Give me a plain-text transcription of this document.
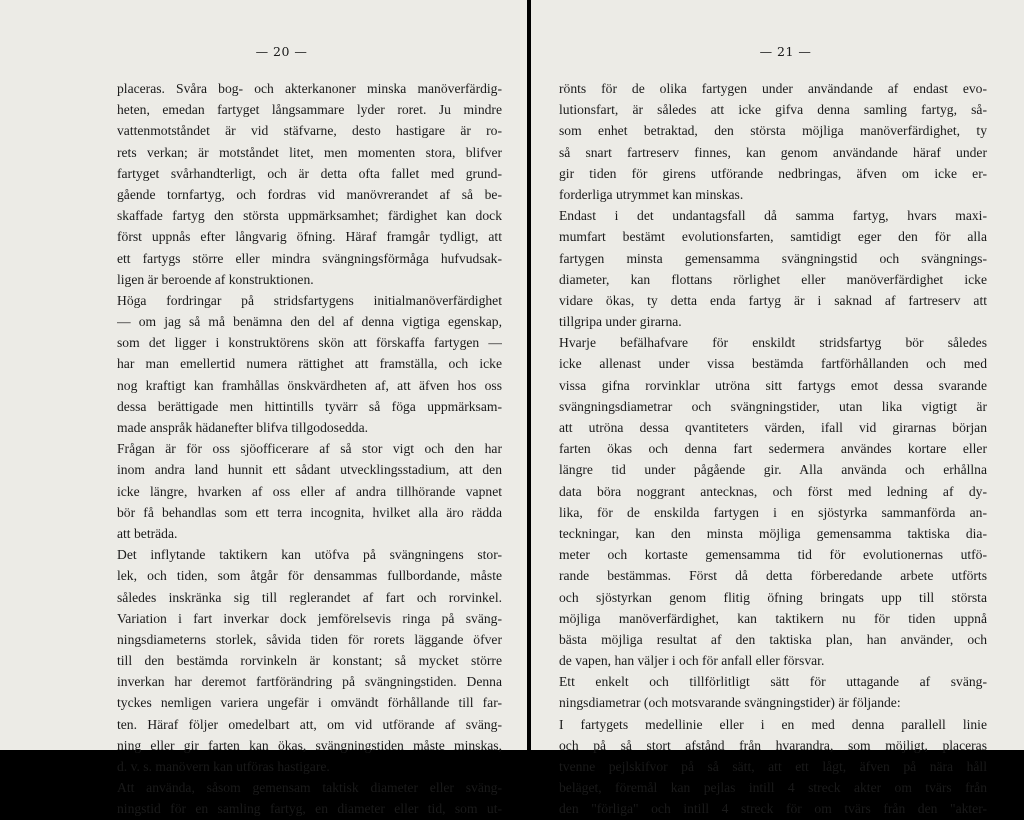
— 20 —
placeras. Svåra bog- och akterkanoner minska manöverfärdig-
heten, emedan fartyget långsammare lyder roret. Ju mindre
vattenmotståndet är vid stäfvarne, desto hastigare är ro-
rets verkan; är motståndet litet, men momenten stora, blifver
fartyget svårhandterligt, och är detta ofta fallet med grund-
gående tornfartyg, och fordras vid manövrerandet af så be-
skaffade fartyg den största uppmärksamhet; färdighet kan dock
först uppnås efter långvarig öfning. Häraf framgår tydligt, att
ett fartygs större eller mindra svängningsförmåga hufvudsak-
ligen är beroende af konstruktionen.
Höga fordringar på stridsfartygens initialmanöverfärdighet
— om jag så må benämna den del af denna vigtiga egenskap,
som det ligger i konstruktörens skön att förskaffa fartygen —
har man emellertid numera rättighet att framställa, och icke
nog kraftigt kan framhållas önskvärdheten af, att äfven hos oss
dessa berättigade men hittintills tyvärr så föga uppmärksam-
made anspråk hädanefter blifva tillgodosedda.
Frågan är för oss sjöofficerare af så stor vigt och den har
inom andra land hunnit ett sådant utvecklingsstadium, att den
icke längre, hvarken af oss eller af andra tillhörande vapnet
bör få behandlas som ett terra incognita, hvilket alla äro rädda
att beträda.
Det inflytande taktikern kan utöfva på svängningens stor-
lek, och tiden, som åtgår för densammas fullbordande, måste
således inskränka sig till reglerandet af fart och rorvinkel.
Variation i fart inverkar dock jemförelsevis ringa på sväng-
ningsdiameterns storlek, såvida tiden för rorets läggande öfver
till den bestämda rorvinkeln är konstant; så mycket större
inverkan har deremot fartförändring på svängningstiden. Denna
tyckes nemligen variera ungefär i omvändt förhållande till far-
ten. Häraf följer omedelbart att, om vid utförande af sväng-
ning eller gir farten kan ökas, svängningstiden måste minskas,
d. v. s. manövern kan utföras hastigare.
Att använda, såsom gemensam taktisk diameter eller sväng-
ningstid för en samling fartyg, en diameter eller tid, som ut-
— 21 —
rönts för de olika fartygen under användande af endast evo-
lutionsfart, är således att icke gifva denna samling fartyg, så-
som enhet betraktad, den största möjliga manöverfärdighet, ty
så snart fartreserv finnes, kan genom användande häraf under
gir tiden för girens utförande nedbringas, äfven om icke er-
forderliga utrymmet kan minskas.
Endast i det undantagsfall då samma fartyg, hvars maxi-
mumfart bestämt evolutionsfarten, samtidigt eger den för alla
fartygen minsta gemensamma svängningstid och svängnings-
diameter, kan flottans rörlighet eller manöverfärdighet icke
vidare ökas, ty detta enda fartyg är i saknad af fartreserv att
tillgripa under girarna.
Hvarje befälhafvare för enskildt stridsfartyg bör således
icke allenast under vissa bestämda fartförhållanden och med
vissa gifna rorvinklar utröna sitt fartygs emot dessa svarande
svängningsdiametrar och svängningstider, utan lika vigtigt är
att utröna dessa qvantiteters värden, ifall vid girarnas början
farten ökas och denna fart sedermera användes kortare eller
längre tid under pågående gir. Alla använda och erhållna
data böra noggrant antecknas, och först med ledning af dy-
lika, för de enskilda fartygen i en sjöstyrka sammanförda an-
teckningar, kan den minsta möjliga gemensamma taktiska dia-
meter och kortaste gemensamma tid för evolutionernas utfö-
rande bestämmas. Först då detta förberedande arbete utförts
och sjöstyrkan genom flitig öfning bringats upp till största
möjliga manöverfärdighet, kan taktikern nu för tiden uppnå
bästa möjliga resultat af den taktiska plan, han använder, och
de vapen, han väljer i och för anfall eller försvar.
Ett enkelt och tillförlitligt sätt för uttagande af sväng-
ningsdiametrar (och motsvarande svängningstider) är följande:
I fartygets medellinie eller i en med denna parallell linie
och på så stort afstånd från hvarandra, som möjligt, placeras
tvenne pejlskifvor på så sätt, att ett lågt, äfven på nära håll
beläget, föremål kan pejlas intill 4 streck akter om tvärs från
den "förliga" och intill 4 streck för om tvärs från den "akter-
